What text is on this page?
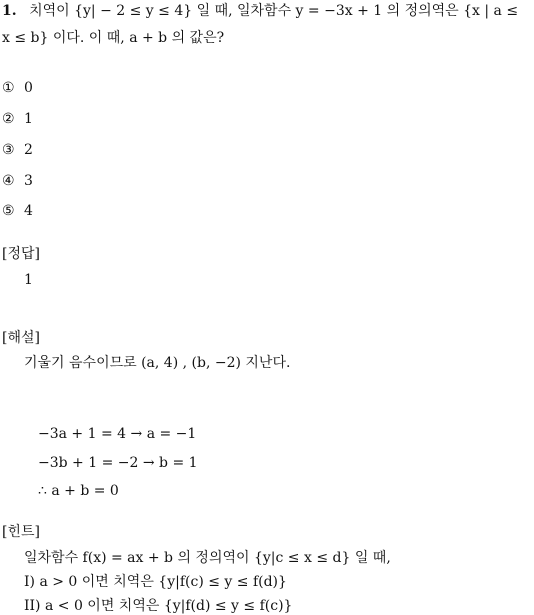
1. 치역이 {y| − 2 ≤ y ≤ 4} 일 때, 일차함수 y = −3x + 1 의 정의역은 {x | a ≤
x ≤ b} 이다. 이 때, a + b 의 값은?
① 0
② 1
③ 2
④ 3
⑤ 4
[정답]
1
[해설]
기울기 음수이므로 (a, 4) , (b, −2) 지난다.
−3a + 1 = 4 → a = −1
−3b + 1 = −2 → b = 1
∴ a + b = 0
[힌트]
일차함수 f(x) = ax + b 의 정의역이 {y|c ≤ x ≤ d} 일 때,
I) a > 0 이면 치역은 {y|f(c) ≤ y ≤ f(d)}
II) a < 0 이면 치역은 {y|f(d) ≤ y ≤ f(c)}
